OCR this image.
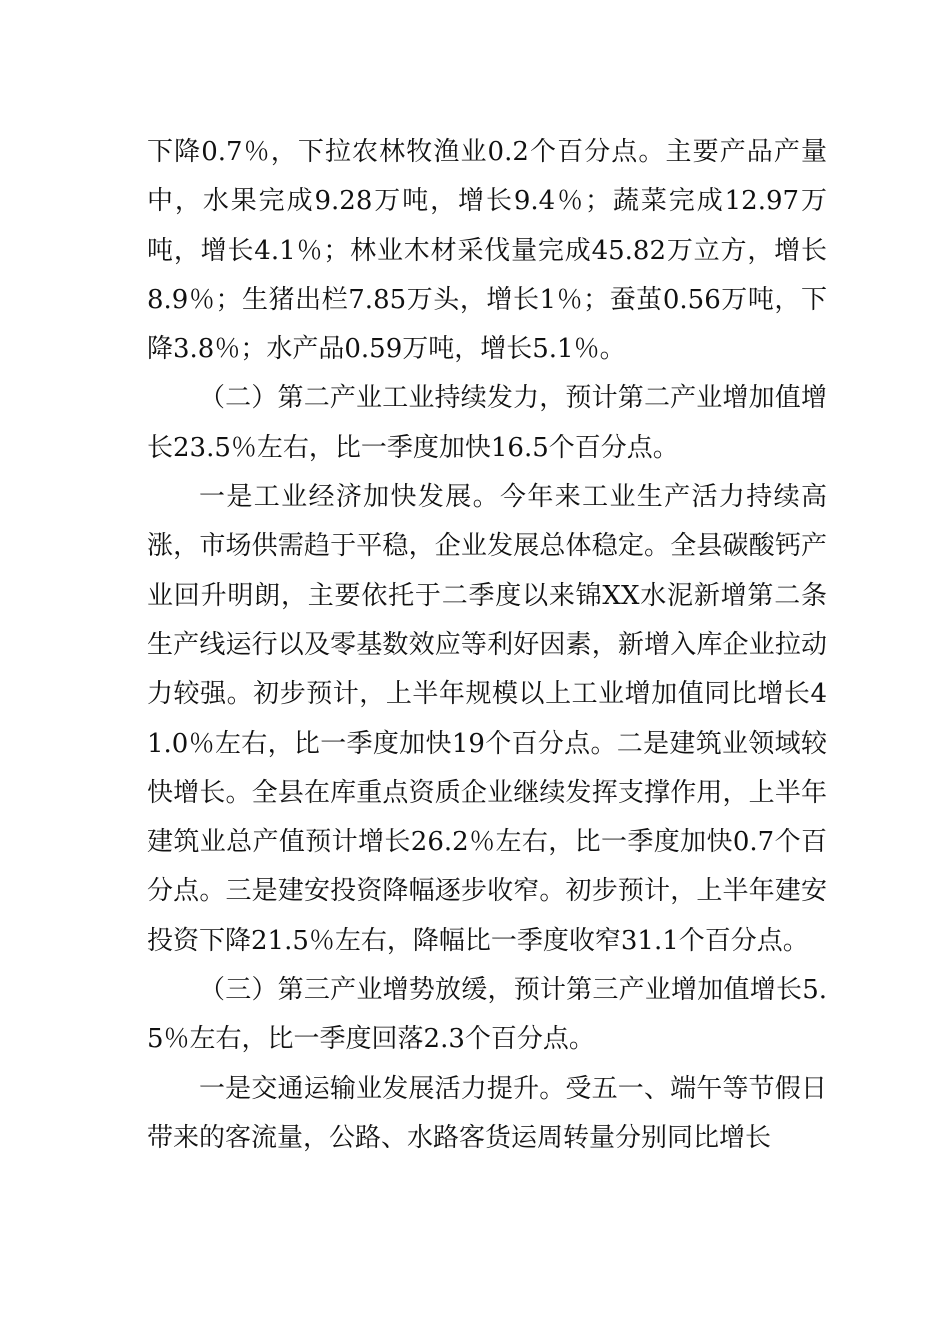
下降0.7％，下拉农林牧渔业0.2个百分点。主要产品产量中，水果完成9.28万吨，增长9.4％；蔬菜完成12.97万吨，增长4.1％；林业木材采伐量完成45.82万立方，增长8.9％；生猪出栏7.85万头，增长1％；蚕茧0.56万吨，下降3.8％；水产品0.59万吨，增长5.1％。

（二）第二产业工业持续发力，预计第二产业增加值增长23.5％左右，比一季度加快16.5个百分点。

一是工业经济加快发展。今年来工业生产活力持续高涨，市场供需趋于平稳，企业发展总体稳定。全县碳酸钙产业回升明朗，主要依托于二季度以来锦XX水泥新增第二条生产线运行以及零基数效应等利好因素，新增入库企业拉动力较强。初步预计，上半年规模以上工业增加值同比增长41.0％左右，比一季度加快19个百分点。二是建筑业领域较快增长。全县在库重点资质企业继续发挥支撑作用，上半年建筑业总产值预计增长26.2％左右，比一季度加快0.7个百分点。三是建安投资降幅逐步收窄。初步预计，上半年建安投资下降21.5％左右，降幅比一季度收窄31.1个百分点。

（三）第三产业增势放缓，预计第三产业增加值增长5.5％左右，比一季度回落2.3个百分点。

一是交通运输业发展活力提升。受五一、端午等节假日带来的客流量，公路、水路客货运周转量分别同比增长
